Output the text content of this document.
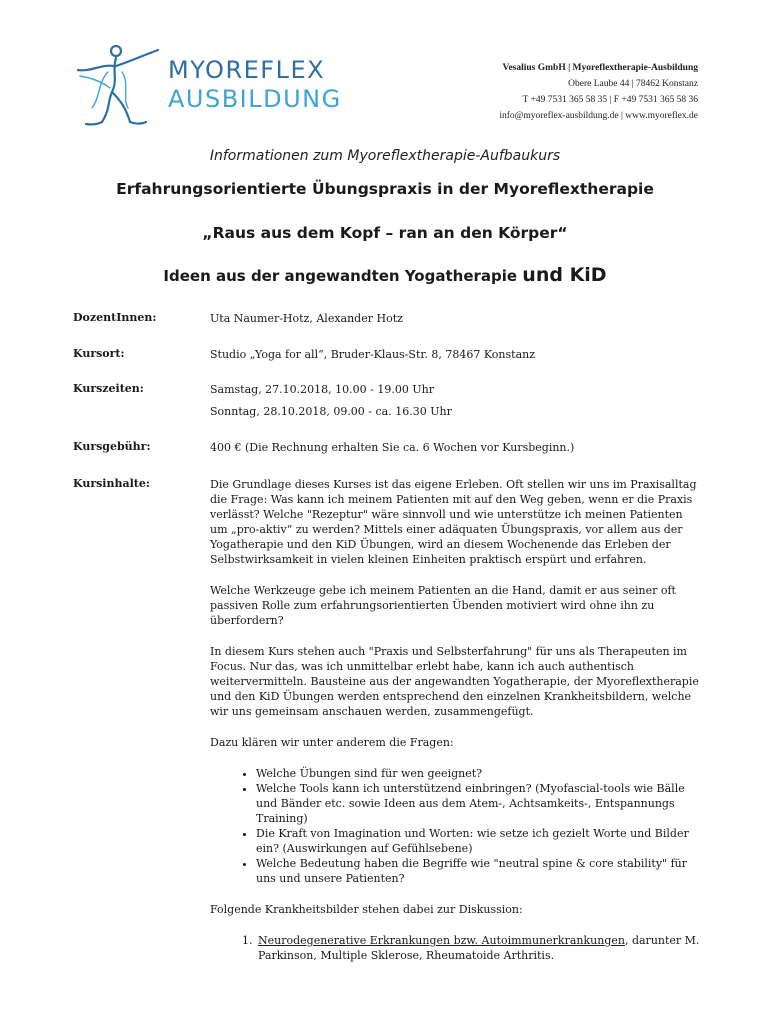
MYOREFLEX
AUSBILDUNG
Vesalius GmbH | Myoreflextherapie-Ausbildung
Obere Laube 44 | 78462 Konstanz
T +49 7531 365 58 35 | F +49 7531 365 58 36
info@myoreflex-ausbildung.de | www.myoreflex.de
Informationen zum Myoreflextherapie-Aufbaukurs
Erfahrungsorientierte Übungspraxis in der Myoreflextherapie
„Raus aus dem Kopf – ran an den Körper“
Ideen aus der angewandten Yogatherapie und KiD
DozentInnen:	Uta Naumer-Hotz, Alexander Hotz
Kursort:	Studio „Yoga for all“, Bruder-Klaus-Str. 8, 78467 Konstanz
Kurszeiten:	Samstag, 27.10.2018, 10.00 - 19.00 Uhr
Sonntag, 28.10.2018, 09.00 - ca. 16.30 Uhr
Kursgebühr:	400 € (Die Rechnung erhalten Sie ca. 6 Wochen vor Kursbeginn.)
Kursinhalte:	Die Grundlage dieses Kurses ist das eigene Erleben. Oft stellen wir uns im Praxisalltag die Frage: Was kann ich meinem Patienten mit auf den Weg geben, wenn er die Praxis verlässt? Welche "Rezeptur" wäre sinnvoll und wie unterstütze ich meinen Patienten um „pro-aktiv“ zu werden? Mittels einer adäquaten Übungspraxis, vor allem aus der Yogatherapie und den KiD Übungen, wird an diesem Wochenende das Erleben der Selbstwirksamkeit in vielen kleinen Einheiten praktisch erspürt und erfahren.

Welche Werkzeuge gebe ich meinem Patienten an die Hand, damit er aus seiner oft passiven Rolle zum erfahrungsorientierten Übenden motiviert wird ohne ihn zu überfordern?

In diesem Kurs stehen auch "Praxis und Selbsterfahrung" für uns als Therapeuten im Focus. Nur das, was ich unmittelbar erlebt habe, kann ich auch authentisch weitervermitteln. Bausteine aus der angewandten Yogatherapie, der Myoreflextherapie und den KiD Übungen werden entsprechend den einzelnen Krankheitsbildern, welche wir uns gemeinsam anschauen werden, zusammengefügt.

Dazu klären wir unter anderem die Fragen:

• Welche Übungen sind für wen geeignet?
• Welche Tools kann ich unterstützend einbringen? (Myofascial-tools wie Bälle und Bänder etc. sowie Ideen aus dem Atem-, Achtsamkeits-, Entspannungs Training)
• Die Kraft von Imagination und Worten: wie setze ich gezielt Worte und Bilder ein? (Auswirkungen auf Gefühlsebene)
• Welche Bedeutung haben die Begriffe wie "neutral spine & core stability" für uns und unsere Patienten?

Folgende Krankheitsbilder stehen dabei zur Diskussion:

1. Neurodegenerative Erkrankungen bzw. Autoimmunerkrankungen, darunter M. Parkinson, Multiple Sklerose, Rheumatoide Arthritis.
